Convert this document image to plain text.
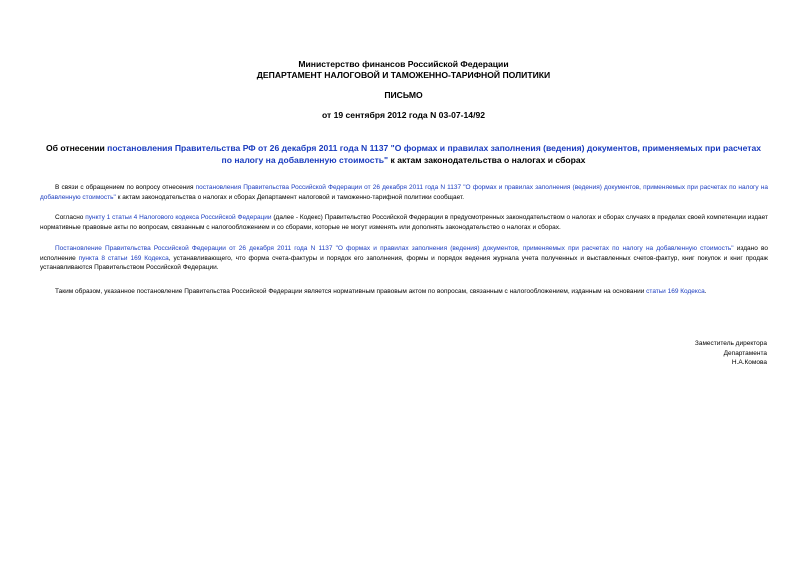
Министерство финансов Российской Федерации
ДЕПАРТАМЕНТ НАЛОГОВОЙ И ТАМОЖЕННО-ТАРИФНОЙ ПОЛИТИКИ
ПИСЬМО
от 19 сентября 2012 года N 03-07-14/92
Об отнесении постановления Правительства РФ от 26 декабря 2011 года N 1137 "О формах и правилах заполнения (ведения) документов, применяемых при расчетах по налогу на добавленную стоимость" к актам законодательства о налогах и сборах
В связи с обращением по вопросу отнесения постановления Правительства Российской Федерации от 26 декабря 2011 года N 1137 "О формах и правилах заполнения (ведения) документов, применяемых при расчетах по налогу на добавленную стоимость" к актам законодательства о налогах и сборах Департамент налоговой и таможенно-тарифной политики сообщает.
Согласно пункту 1 статьи 4 Налогового кодекса Российской Федерации (далее - Кодекс) Правительство Российской Федерации в предусмотренных законодательством о налогах и сборах случаях в пределах своей компетенции издает нормативные правовые акты по вопросам, связанным с налогообложением и со сборами, которые не могут изменять или дополнять законодательство о налогах и сборах.
Постановление Правительства Российской Федерации от 26 декабря 2011 года N 1137 "О формах и правилах заполнения (ведения) документов, применяемых при расчетах по налогу на добавленную стоимость" издано во исполнение пункта 8 статьи 169 Кодекса, устанавливающего, что форма счета-фактуры и порядок его заполнения, формы и порядок ведения журнала учета полученных и выставленных счетов-фактур, книг покупок и книг продаж устанавливаются Правительством Российской Федерации.
Таким образом, указанное постановление Правительства Российской Федерации является нормативным правовым актом по вопросам, связанным с налогообложением, изданным на основании статьи 169 Кодекса.
Заместитель директора
Департамента
Н.А.Комова
